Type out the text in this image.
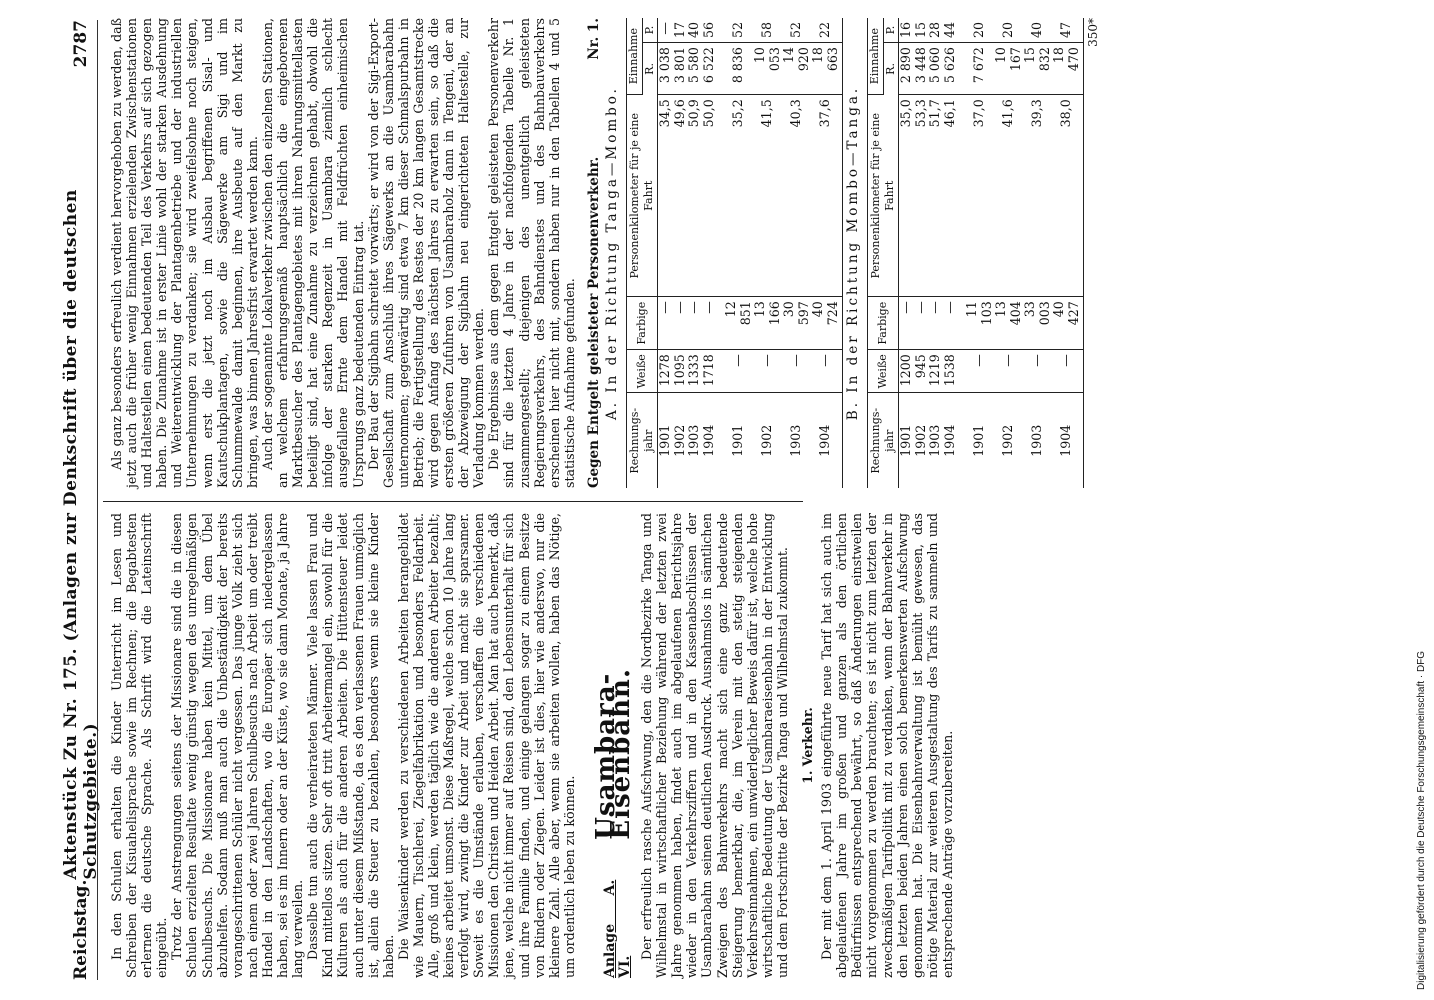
Reichstag.
Aktenstück Zu Nr. 175. (Anlagen zur Denkschrift über die deutschen Schutzgebiete.)
2787

In den Schulen erhalten die Kinder Unterricht im Lesen und Schreiben der Kisuahelisprache sowie im Rechnen; die Begabtesten erlernen die deutsche Sprache. Als Schrift wird die Lateinschrift eingeübt. Trotz der Anstrengungen seitens der Missionare sind die in diesen Schulen erzielten Resultate wenig günstig wegen des unregelmäßigen Schulbesuchs. Die Missionare haben kein Mittel, um dem Übel abzuhelfen. Sodann muß man auch die Unbeständigkeit der bereits vorangeschrittenen Schüler nicht vergessen. Das junge Volk zieht sich nach einem oder zwei Jahren Schulbesuchs nach Arbeit um oder treibt Handel in den Landschaften, wo die Europäer sich niedergelassen haben, sei es im Innern oder an der Küste, wo sie dann Monate, ja Jahre lang verweilen. Dasselbe tun auch die verheirateten Männer. Viele lassen Frau und Kind mittellos sitzen. Sehr oft tritt Arbeitermangel ein, sowohl für die Kulturen als auch für die anderen Arbeiten. Die Hüttensteuer leidet auch unter diesem Mißstande, da es den verlassenen Frauen unmöglich ist, allein die Steuer zu bezahlen, besonders wenn sie kleine Kinder haben. Die Waisenkinder werden zu verschiedenen Arbeiten herangebildet wie Mauern, Tischlerei, Ziegelfabrikation und besonders Feldarbeit. Alle, groß und klein, werden täglich wie die anderen Arbeiter bezahlt; keines arbeitet umsonst. Diese Maßregel, welche schon 10 Jahre lang verfolgt wird, zwingt die Kinder zur Arbeit und macht sie sparsamer. Soweit es die Umstände erlauben, verschaffen die verschiedenen Missionen den Christen und Heiden Arbeit. Man hat auch bemerkt, daß jene, welche nicht immer auf Reisen sind, den Lebensunterhalt für sich und ihre Familie finden, und einige gelangen sogar zu einem Besitze von Rindern oder Ziegen. Leider ist dies, hier wie anderswo, nur die kleinere Zahl. Alle aber, wenn sie arbeiten wollen, haben das Nötige, um ordentlich leben zu können. Anlage A. VI.
Usambara-Eisenbahn. Der erfreulich rasche Aufschwung, den die Nordbezirke Tanga und Wilhelmstal in wirtschaftlicher Beziehung während der letzten zwei Jahre genommen haben, findet auch im abgelaufenen Berichtsjahre wieder in den Verkehrsziffern und in den Kassenabschlüssen der Usambarabahn seinen deutlichen Ausdruck. Ausnahmslos in sämtlichen Zweigen des Bahnverkehrs macht sich eine ganz bedeutende Steigerung bemerkbar, die, im Verein mit den stetig steigenden Verkehrseinnahmen, ein unwiderleglicher Beweis dafür ist, welche hohe wirtschaftliche Bedeutung der Usambaraeisenbahn in der Entwicklung und dem Fortschritte der Bezirke Tanga und Wilhelmstal zukommt. 1. Verkehr. Der mit dem 1. April 1903 eingeführte neue Tarif hat sich auch im abgelaufenen Jahre im großen und ganzen als den örtlichen Bedürfnissen entsprechend bewährt, so daß Änderungen einstweilen nicht vorgenommen zu werden brauchten; es ist nicht zum letzten der zweckmäßigen Tarifpolitik mit zu verdanken, wenn der Bahnverkehr in den letzten beiden Jahren einen solch bemerkenswerten Aufschwung genommen hat. Die Eisenbahnverwaltung ist bemüht gewesen, das nötige Material zur weiteren Ausgestaltung des Tarifs zu sammeln und entsprechende Anträge vorzubereiten.

Als ganz besonders erfreulich verdient hervorgehoben zu werden, daß jetzt auch die früher wenig Einnahmen erzielenden Zwischenstationen und Haltestellen einen bedeutenden Teil des Verkehrs auf sich gezogen haben. Die Zunahme ist in erster Linie wohl der starken Ausdehnung und Weiterentwicklung der Plantagenbetriebe und der industriellen Unternehmungen zu verdanken; sie wird zweifelsohne noch steigen, wenn erst die jetzt noch im Ausbau begriffenen Sisal- und Kautschukplantagen, sowie die Sägewerke am Sigi und im Schummewalde damit beginnen, ihre Ausbeute auf den Markt zu bringen, was binnen Jahresfrist erwartet werden kann. Auch der sogenannte Lokalverkehr zwischen den einzelnen Stationen, an welchem erfahrungsgemäß hauptsächlich die eingeborenen Marktbesucher des Plantagengebietes mit ihren Nahrungsmittellasten beteiligt sind, hat eine Zunahme zu verzeichnen gehabt, obwohl die infolge der starken Regenzeit in Usambara ziemlich schlecht ausgefallene Ernte dem Handel mit Feldfrüchten einheimischen Ursprungs ganz bedeutenden Eintrag tat. Der Bau der Sigibahn schreitet vorwärts; er wird von der Sigi-Export-Gesellschaft zum Anschluß ihres Sägewerks an die Usambarabahn unternommen; gegenwärtig sind etwa 7 km dieser Schmalspurbahn in Betrieb; die Fertigstellung des Restes der 20 km langen Gesamtstrecke wird gegen Anfang des nächsten Jahres zu erwarten sein, so daß die ersten größeren Zufuhren von Usambaraholz dann in Tengeni, der an der Abzweigung der Sigibahn neu eingerichteten Haltestelle, zur Verladung kommen werden. Die Ergebnisse aus dem gegen Entgelt geleisteten Personenverkehr sind für die letzten 4 Jahre in der nachfolgenden Tabelle Nr. 1 zusammengestellt; diejenigen des unentgeltlich geleisteten Regierungsverkehrs, des Bahndienstes und des Bahnbauverkehrs erscheinen hier nicht mit, sondern haben nur in den Tabellen 4 und 5 statistische Aufnahme gefunden. Gegen Entgelt geleisteter Personenverkehr.
Nr. 1.
A. In der Richtung Tanga—Mombo.
Rechnungs-jahr	Weiße	Farbige	Personenkilometer für je eine Fahrt	Einnahme	
				R.	P.
1901	1278	—	34,5	3 038	—
1902	1095	—	49,6	3 801	17
1903	1333	—	50,9	5 580	40
1904	1718	—	50,0	6 522	56
1901	—	12 851	35,2	8 836	52
1902	—	13 166	41,5	10 053	58
1903	—	30 597	40,3	14 920	52
1904	—	40 724	37,6	18 663	22
B. In der Richtung Mombo—Tanga.
Rechnungs-jahr	Weiße	Farbige	Personenkilometer für je eine Fahrt	Einnahme	
				R.	P.
1901	1200	—	35,0	2 890	16
1902	945	—	53,3	3 448	15
1903	1219	—	51,7	5 060	28
1904	1538	—	46,1	5 626	44
1901	—	11 103	37,0	7 672	20
1902	—	13 404	41,6	10 167	20
1903	—	33 003	39,3	15 832	40
1904	—	40 427	38,0	18 470	47 350*
Digitalisierung gefördert durch die Deutsche Forschungsgemeinschaft · DFG
